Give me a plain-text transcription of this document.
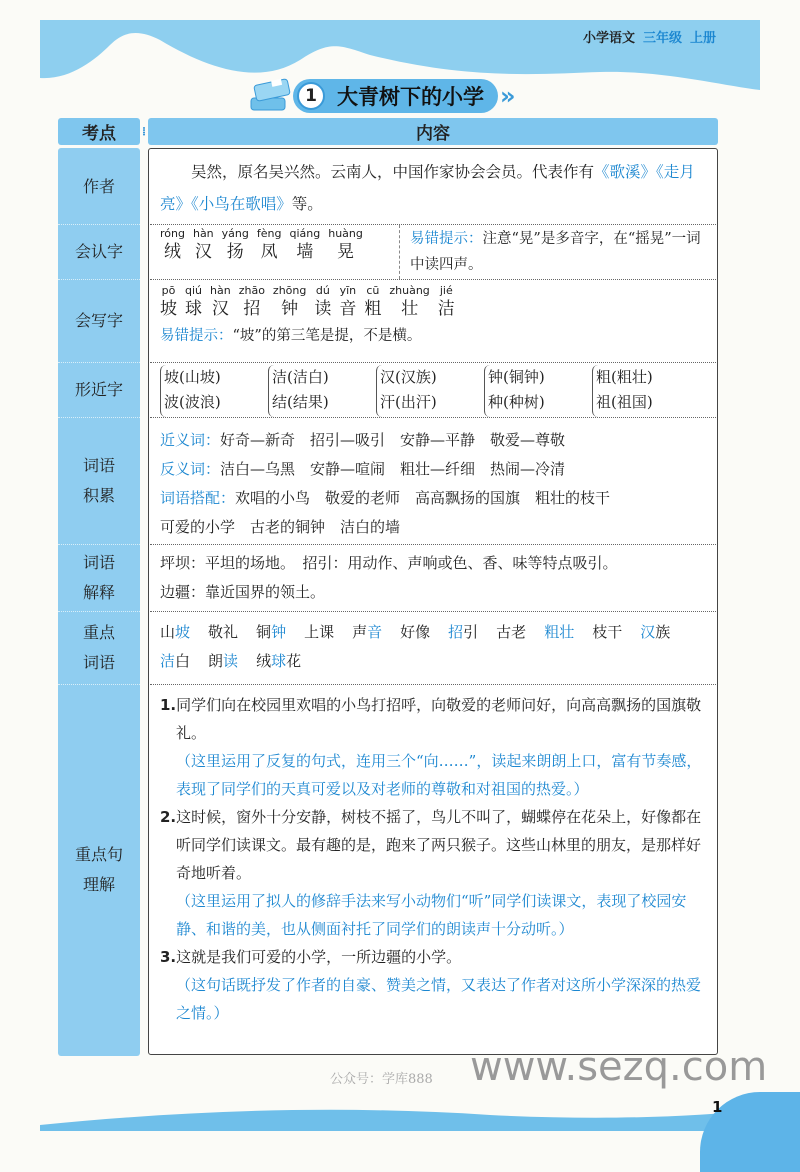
小学语文 三年级 上册
1 大青树下的小学 »
考点	⁞	内容
作者
会认字
会写字
形近字
词语积累
词语解释
重点词语
重点句理解
　　吴然，原名吴兴然。云南人，中国作家协会会员。代表作有《歌溪》《走月亮》《小鸟在歌唱》等。
róng
绒
hàn
汉
yáng
扬
fèng
凤
qiáng
墙
huàng
晃
易错提示：注意“晃”是多音字，在“摇晃”一词中读四声。
pō
坡
qiú
球
hàn
汉
zhāo
招
zhōng
钟
dú
读
yīn
音
cū
粗
zhuàng
壮
jié
洁
易错提示：“坡”的第三笔是提，不是横。
坡(山坡)
波(波浪)
洁(洁白)
结(结果)
汉(汉族)
汗(出汗)
钟(铜钟)
种(种树)
粗(粗壮)
祖(祖国)
近义词：好奇—新奇　招引—吸引　安静—平静　敬爱—尊敬
反义词：洁白—乌黑　安静—喧闹　粗壮—纤细　热闹—冷清
词语搭配：欢唱的小鸟　敬爱的老师　高高飘扬的国旗　粗壮的枝干
可爱的小学　古老的铜钟　洁白的墙
坪坝：平坦的场地。　招引：用动作、声响或色、香、味等特点吸引。
边疆：靠近国界的领土。
山坡 敬礼 铜钟 上课 声音 好像 招引 古老 粗壮 枝干 汉族洁白 朗读 绒球花
1.同学们向在校园里欢唱的小鸟打招呼，向敬爱的老师问好，向高高飘扬的国旗敬礼。
（这里运用了反复的句式，连用三个“向……”，读起来朗朗上口，富有节奏感，表现了同学们的天真可爱以及对老师的尊敬和对祖国的热爱。）
2.这时候，窗外十分安静，树枝不摇了，鸟儿不叫了，蝴蝶停在花朵上，好像都在听同学们读课文。最有趣的是，跑来了两只猴子。这些山林里的朋友，是那样好奇地听着。
（这里运用了拟人的修辞手法来写小动物们“听”同学们读课文，表现了校园安静、和谐的美，也从侧面衬托了同学们的朗读声十分动听。）
3.这就是我们可爱的小学，一所边疆的小学。
（这句话既抒发了作者的自豪、赞美之情，又表达了作者对这所小学深深的热爱之情。）
公众号：学库888 www.sezq.com
1
